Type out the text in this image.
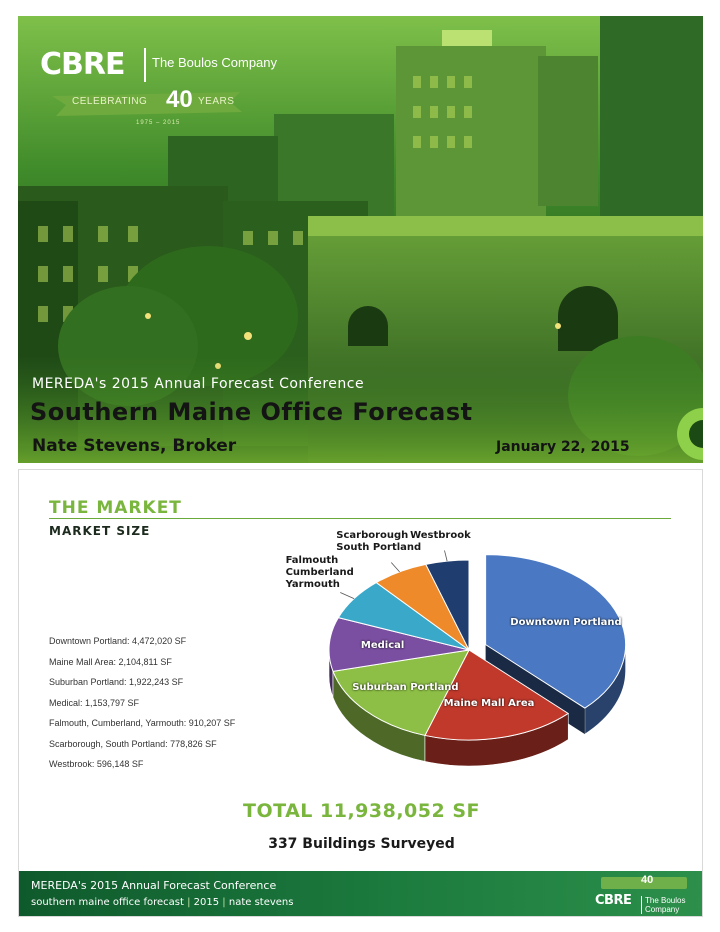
CBRE The Boulos Company
CELEBRATING 40 YEARS
1975 – 2015
MEREDA's 2015 Annual Forecast Conference
Southern Maine Office Forecast
Nate Stevens, Broker	January 22, 2015
THE MARKET
MARKET SIZE
Downtown Portland: 4,472,020 SF
Maine Mall Area: 2,104,811 SF
Suburban Portland: 1,922,243 SF
Medical: 1,153,797 SF
Falmouth, Cumberland, Yarmouth: 910,207 SF
Scarborough, South Portland: 778,826 SF
Westbrook: 596,148 SF
Downtown Portland
Maine Mall Area
Suburban Portland
Medical
Falmouth
Cumberland
Yarmouth
Scarborough
South Portland
Westbrook
TOTAL 11,938,052 SF
337 Buildings Surveyed
MEREDA's 2015 Annual Forecast Conference
southern maine office forecast | 2015 | nate stevens
40
CBRE	The Boulos Company
